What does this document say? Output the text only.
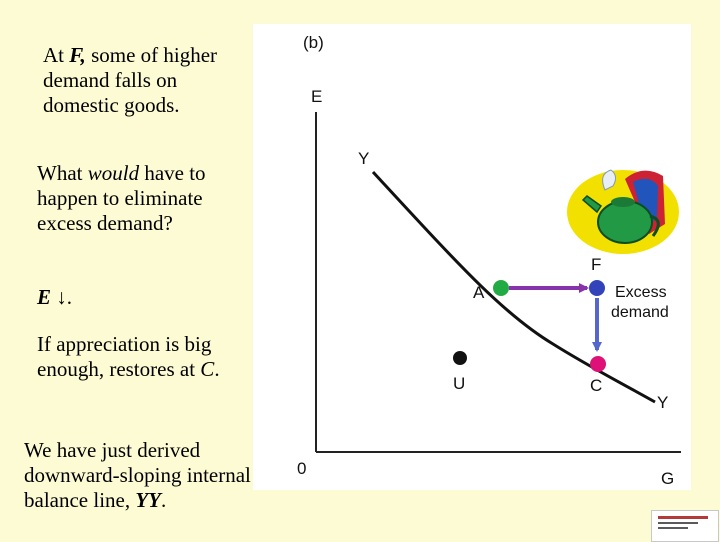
At F, some of higher demand falls on domestic goods.
What would have to happen to eliminate excess demand?
E ↓.
If appreciation is big enough, restores at C.
We have just derived downward-sloping internal balance line, YY.
(b)
E
G
0
Y
Y
A
F
C
U
Excess
demand
